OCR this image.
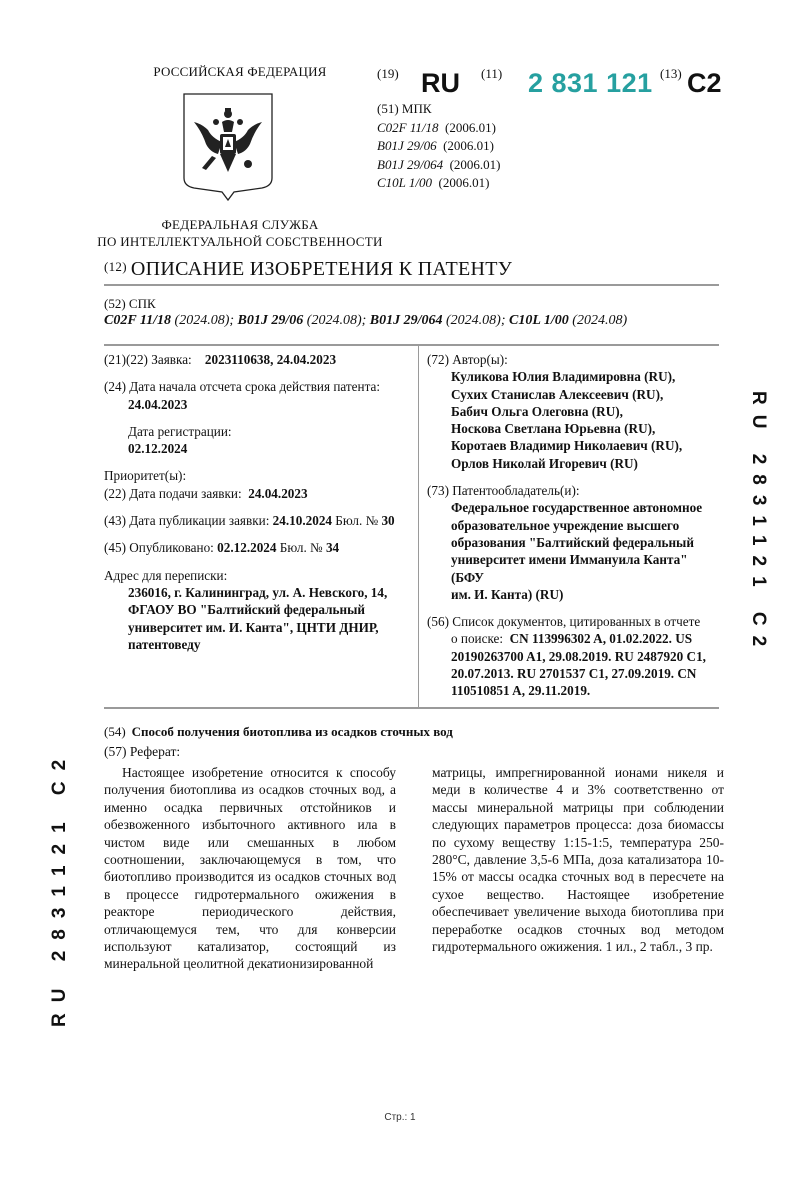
РОССИЙСКАЯ ФЕДЕРАЦИЯ
ФЕДЕРАЛЬНАЯ СЛУЖБА
ПО ИНТЕЛЛЕКТУАЛЬНОЙ СОБСТВЕННОСТИ
(19) RU (11) 2 831 121 (13) C2
(51) МПК
C02F 11/18 (2006.01)
B01J 29/06 (2006.01)
B01J 29/064 (2006.01)
C10L 1/00 (2006.01)
$^{(12)}$ ОПИСАНИЕ ИЗОБРЕТЕНИЯ К ПАТЕНТУ
(52) СПК
C02F 11/18 (2024.08); B01J 29/06 (2024.08); B01J 29/064 (2024.08); C10L 1/00 (2024.08)
(21)(22) Заявка: 2023110638, 24.04.2023
(24) Дата начала отсчета срока действия патента:
24.04.2023
Дата регистрации:
02.12.2024
Приоритет(ы):
(22) Дата подачи заявки: 24.04.2023
(43) Дата публикации заявки: 24.10.2024 Бюл. № 30
(45) Опубликовано: 02.12.2024 Бюл. № 34
Адрес для переписки:
236016, г. Калининград, ул. А. Невского, 14,
ФГАОУ ВО "Балтийский федеральный
университет им. И. Канта", ЦНТИ ДНИР,
патентоведу
(72) Автор(ы):
Куликова Юлия Владимировна (RU),
Сухих Станислав Алексеевич (RU),
Бабич Ольга Олеговна (RU),
Носкова Светлана Юрьевна (RU),
Коротаев Владимир Николаевич (RU),
Орлов Николай Игоревич (RU)
(73) Патентообладатель(и):
Федеральное государственное автономное
образовательное учреждение высшего
образования "Балтийский федеральный
университет имени Иммануила Канта" (БФУ
им. И. Канта) (RU)
(56) Список документов, цитированных в отчете
о поиске: CN 113996302 A, 01.02.2022. US
20190263700 A1, 29.08.2019. RU 2487920 C1,
20.07.2013. RU 2701537 C1, 27.09.2019. CN
110510851 A, 29.11.2019.
RU 2831121 C2
RU 2831121 C2
(54) Способ получения биотоплива из осадков сточных вод
(57) Реферат:

Настоящее изобретение относится к способу получения биотоплива из осадков сточных вод, а именно осадка первичных отстойников и обезвоженного избыточного активного ила в чистом виде или смешанных в любом соотношении, заключающемуся в том, что биотопливо производится из осадков сточных вод в процессе гидротермального ожижения в реакторе периодического действия, отличающемуся тем, что для конверсии используют катализатор, состоящий из минеральной цеолитной декатионизированной

матрицы, импрегнированной ионами никеля и меди в количестве 4 и 3% соответственно от массы минеральной матрицы при соблюдении следующих параметров процесса: доза биомассы по сухому веществу 1:15-1:5, температура 250-280°C, давление 3,5-6 МПа, доза катализатора 10-15% от массы осадка сточных вод в пересчете на сухое вещество. Настоящее изобретение обеспечивает увеличение выхода биотоплива при переработке осадков сточных вод методом гидротермального ожижения. 1 ил., 2 табл., 3 пр.

Стр.: 1
